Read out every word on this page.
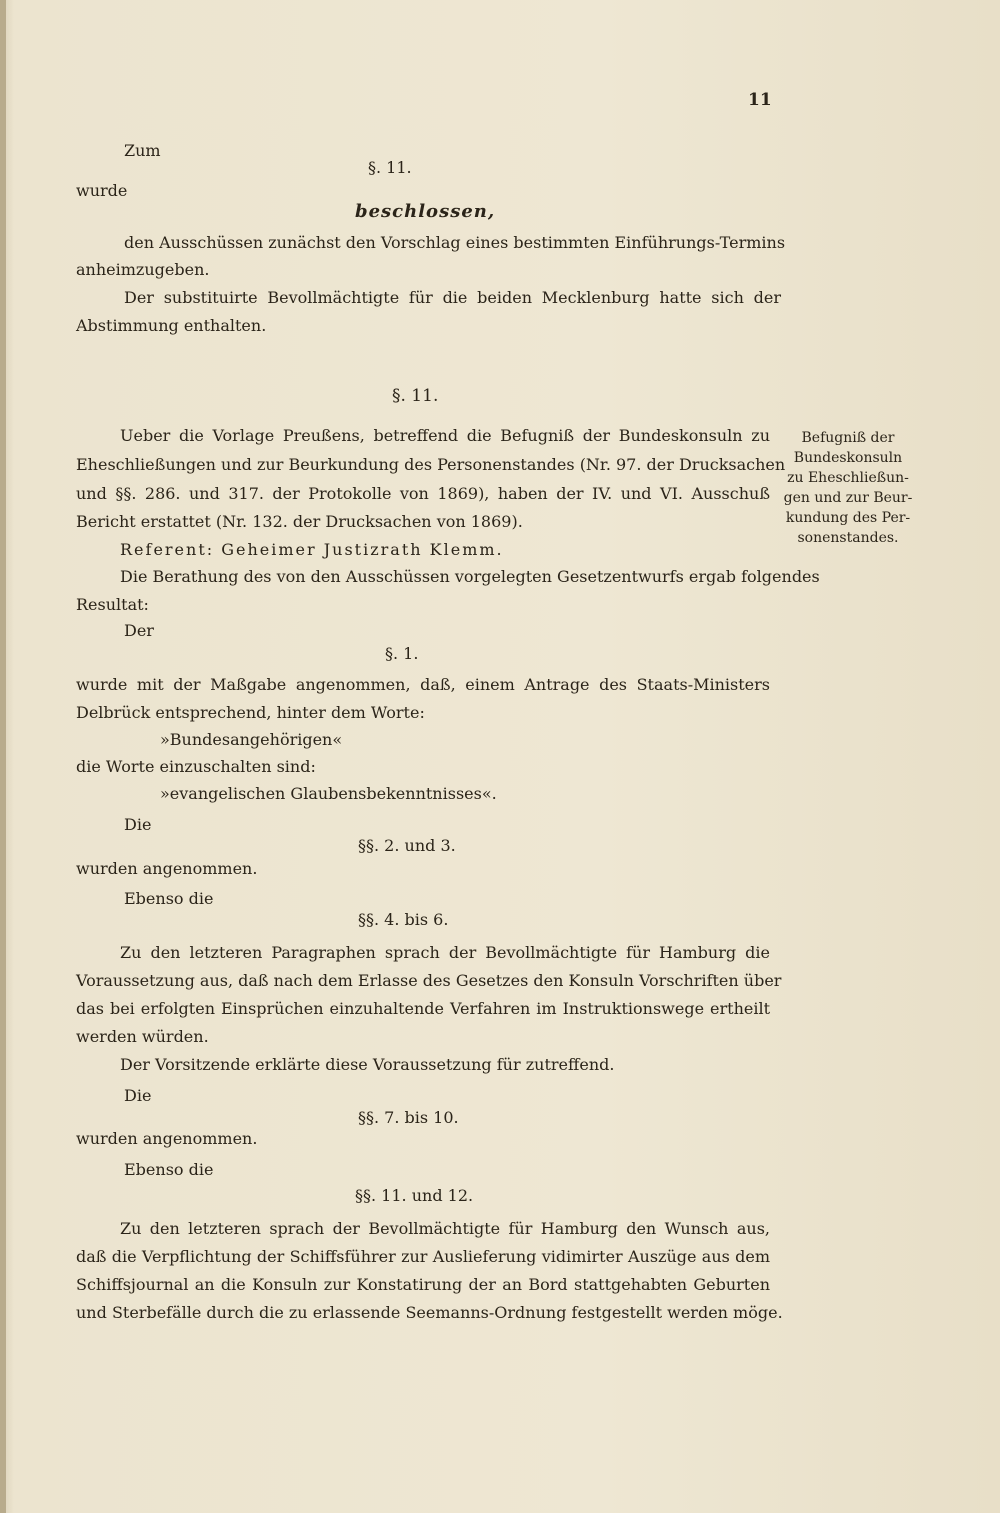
11
Zum
§. 11.
wurde
beschlossen,
den Ausschüssen zunächst den Vorschlag eines bestimmten Einführungs-Termins
anheimzugeben.
Der substituirte Bevollmächtigte für die beiden Mecklenburg hatte sich der
Abstimmung enthalten.
§. 11.
Ueber die Vorlage Preußens, betreffend die Befugniß der Bundeskonsuln zu
Eheschließungen und zur Beurkundung des Personenstandes (Nr. 97. der Drucksachen
und §§. 286. und 317. der Protokolle von 1869), haben der IV. und VI. Ausschuß
Bericht erstattet (Nr. 132. der Drucksachen von 1869).
Referent: Geheimer Justizrath Klemm.
Die Berathung des von den Ausschüssen vorgelegten Gesetzentwurfs ergab folgendes
Resultat:
Der
§. 1.
wurde mit der Maßgabe angenommen, daß, einem Antrage des Staats-Ministers
Delbrück entsprechend, hinter dem Worte:
»Bundesangehörigen«
die Worte einzuschalten sind:
»evangelischen Glaubensbekenntnisses«.
Die
§§. 2. und 3.
wurden angenommen.
Ebenso die
§§. 4. bis 6.
Zu den letzteren Paragraphen sprach der Bevollmächtigte für Hamburg die
Voraussetzung aus, daß nach dem Erlasse des Gesetzes den Konsuln Vorschriften über
das bei erfolgten Einsprüchen einzuhaltende Verfahren im Instruktionswege ertheilt
werden würden.
Der Vorsitzende erklärte diese Voraussetzung für zutreffend.
Die
§§. 7. bis 10.
wurden angenommen.
Ebenso die
§§. 11. und 12.
Zu den letzteren sprach der Bevollmächtigte für Hamburg den Wunsch aus,
daß die Verpflichtung der Schiffsführer zur Auslieferung vidimirter Auszüge aus dem
Schiffsjournal an die Konsuln zur Konstatirung der an Bord stattgehabten Geburten
und Sterbefälle durch die zu erlassende Seemanns-Ordnung festgestellt werden möge.
Befugniß der
Bundeskonsuln
zu Eheschließun-
gen und zur Beur-
kundung des Per-
sonenstandes.
